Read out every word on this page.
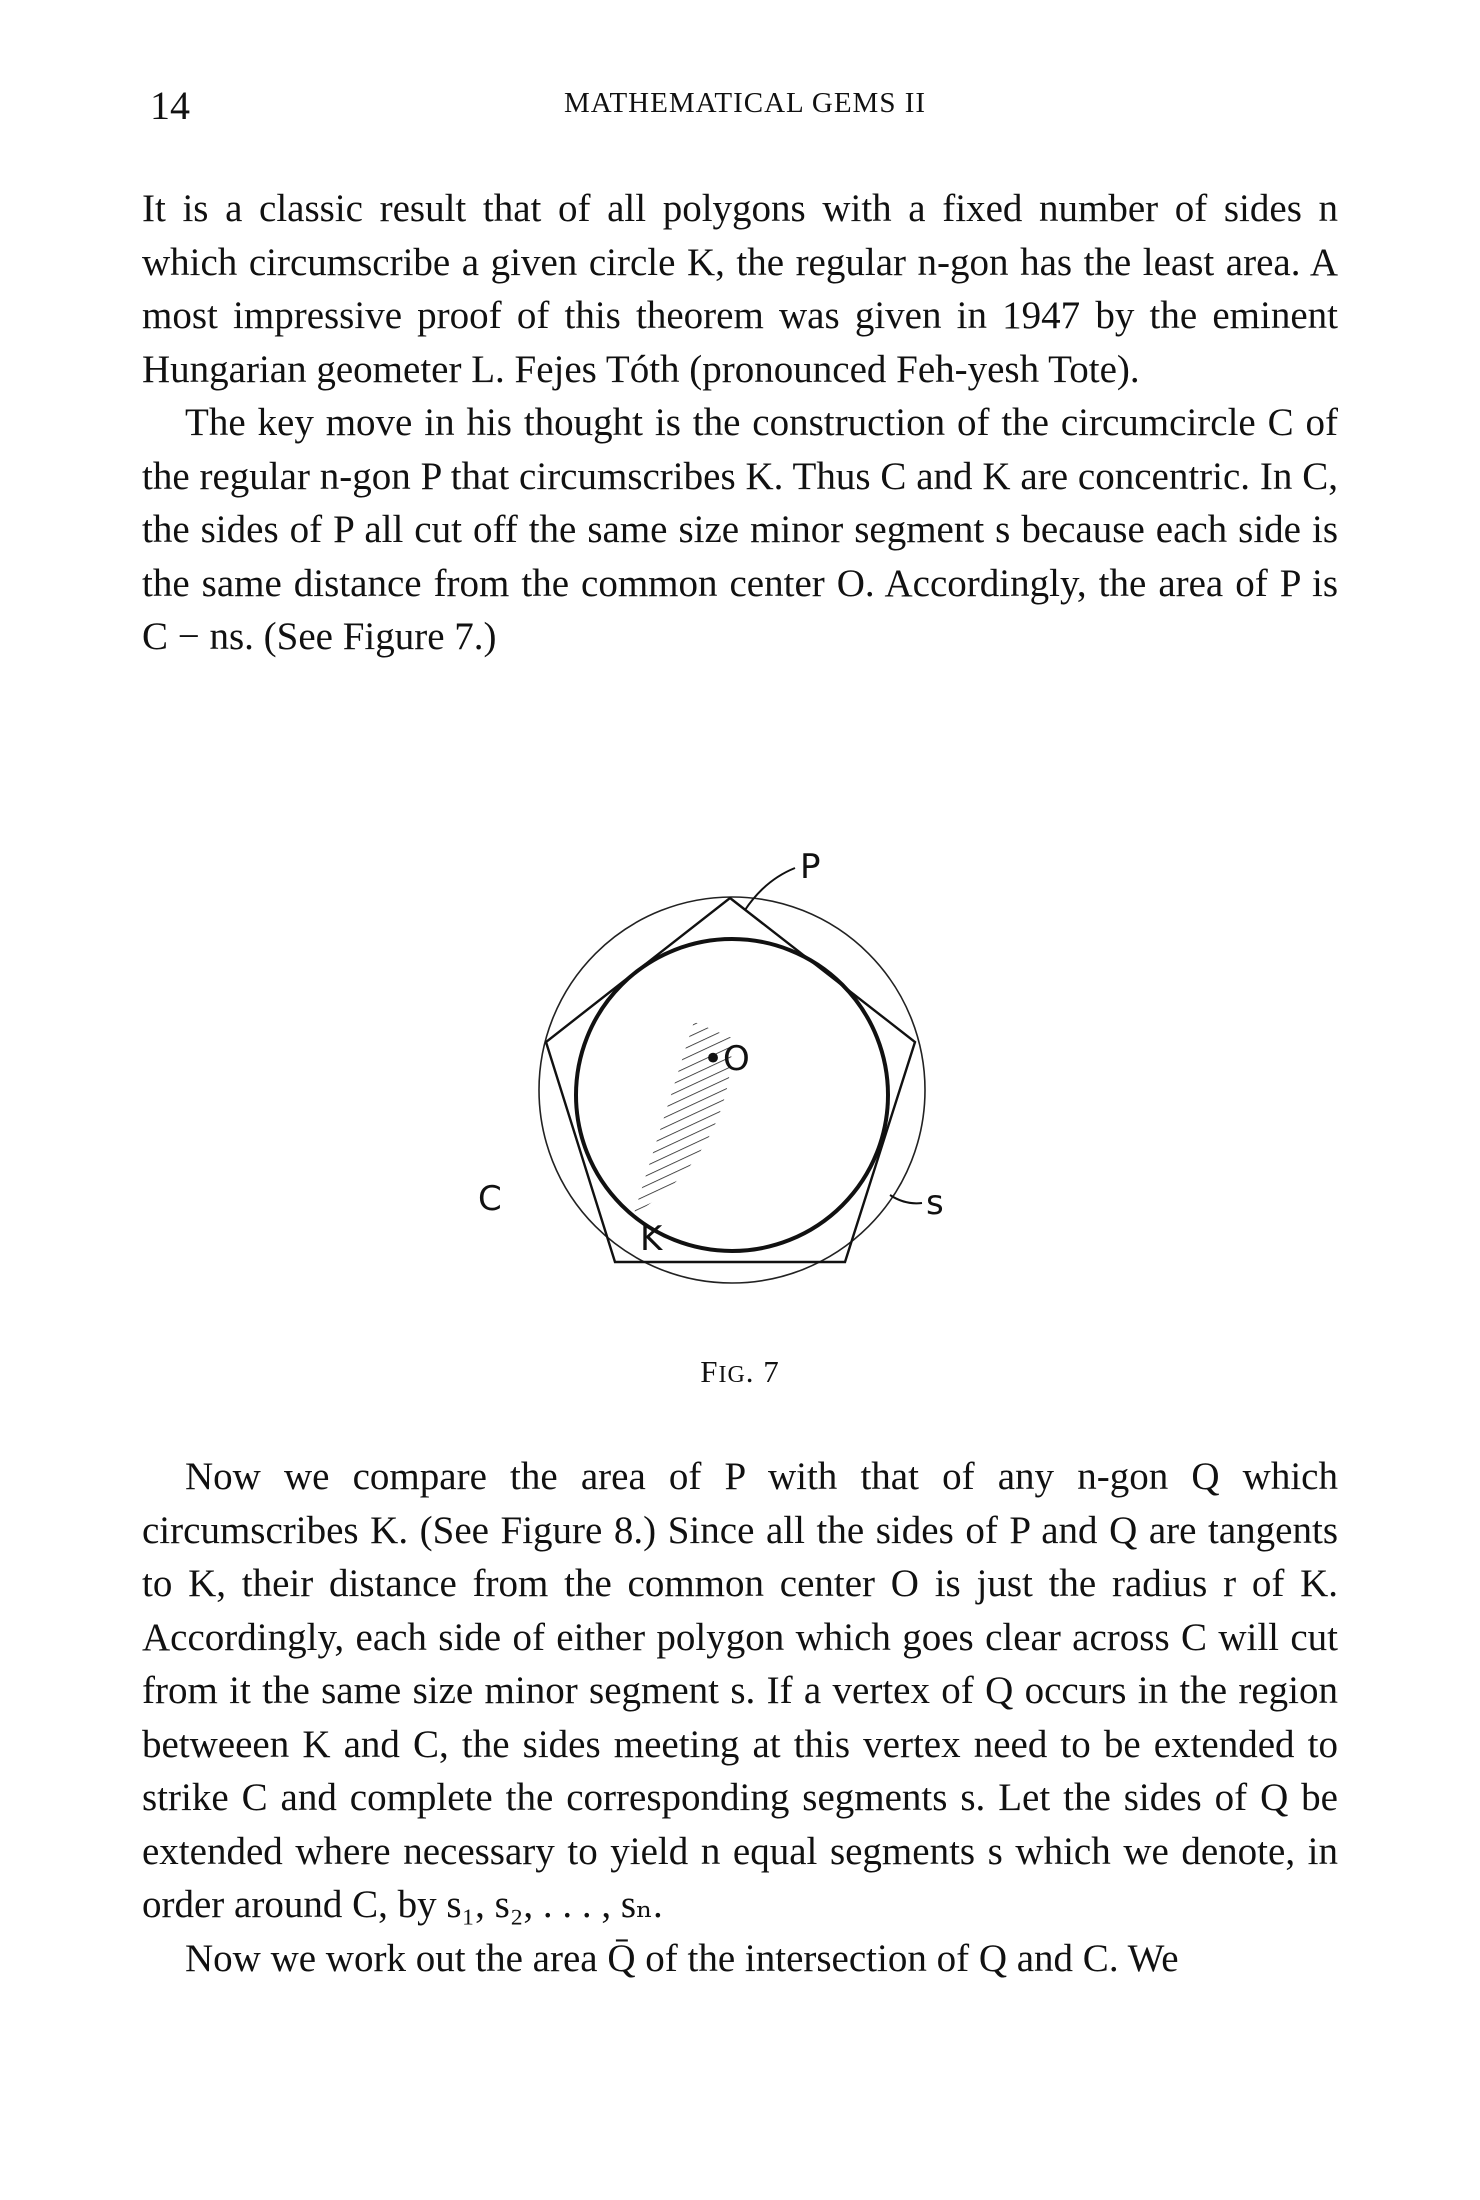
14	MATHEMATICAL GEMS II

It is a classic result that of all polygons with a fixed number of sides n which circumscribe a given circle K, the regular n-gon has the least area. A most impressive proof of this theorem was given in 1947 by the eminent Hungarian geometer L. Fejes Tóth (pronounced Feh-yesh Tote).

The key move in his thought is the construction of the circumcircle C of the regular n-gon P that circumscribes K. Thus C and K are concentric. In C, the sides of P all cut off the same size minor segment s because each side is the same distance from the common center O. Accordingly, the area of P is C − ns. (See Figure 7.)

•O
P
C
K
s
FIG. 7

Now we compare the area of P with that of any n-gon Q which circumscribes K. (See Figure 8.) Since all the sides of P and Q are tangents to K, their distance from the common center O is just the radius r of K. Accordingly, each side of either polygon which goes clear across C will cut from it the same size minor segment s. If a vertex of Q occurs in the region betweeen K and C, the sides meeting at this vertex need to be extended to strike C and complete the corresponding segments s. Let the sides of Q be extended where necessary to yield n equal segments s which we denote, in order around C, by s₁, s₂, . . . , sₙ.

Now we work out the area Q̄ of the intersection of Q and C. We
